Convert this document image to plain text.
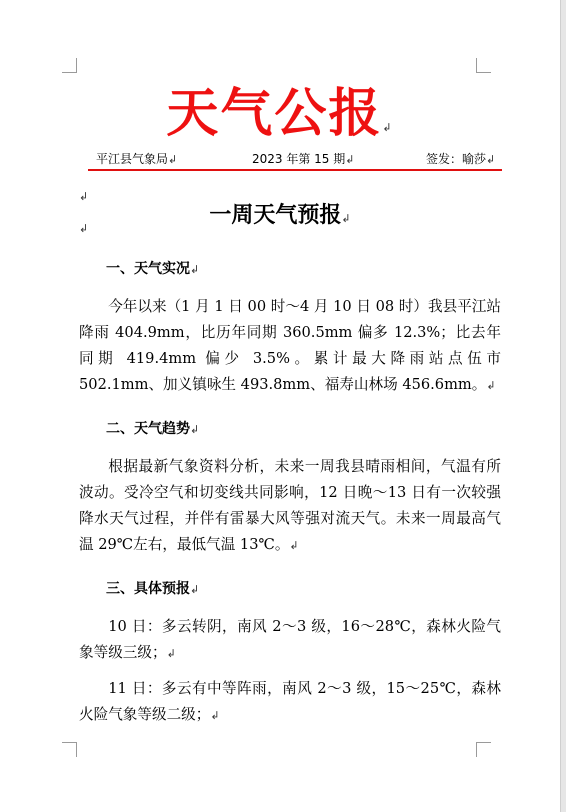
天气公报↲
平江县气象局↲	2023 年第 15 期↲	签发：喻莎↲
↲
↲
一周天气预报↲
一、天气实况↲
今年以来（1 月 1 日 00 时～4 月 10 日 08 时）我县平江站降雨 404.9mm，比历年同期 360.5mm 偏多 12.3%；比去年同期 419.4mm 偏少 3.5%。累计最大降雨站点伍市 502.1mm、加义镇咏生 493.8mm、福寿山林场 456.6mm。↲
二、天气趋势↲
根据最新气象资料分析，未来一周我县晴雨相间，气温有所波动。受冷空气和切变线共同影响，12 日晚～13 日有一次较强降水天气过程，并伴有雷暴大风等强对流天气。未来一周最高气温 29℃左右，最低气温 13℃。↲
三、具体预报↲
10 日：多云转阴，南风 2～3 级，16～28℃，森林火险气象等级三级；↲
11 日：多云有中等阵雨，南风 2～3 级，15～25℃，森林火险气象等级二级；↲
